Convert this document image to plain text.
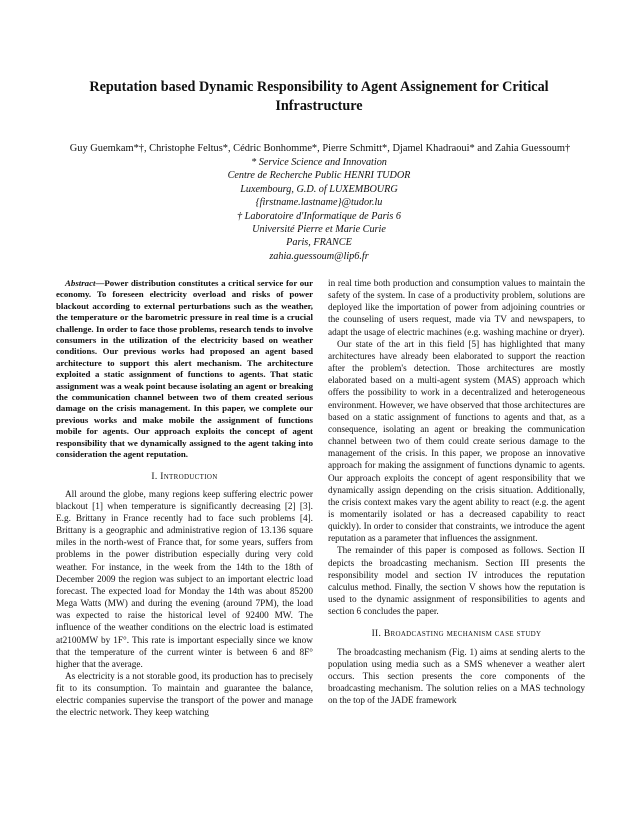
Reputation based Dynamic Responsibility to Agent Assignement for Critical Infrastructure
Guy Guemkam*†, Christophe Feltus*, Cédric Bonhomme*, Pierre Schmitt*, Djamel Khadraoui* and Zahia Guessoum†
* Service Science and Innovation
Centre de Recherche Public HENRI TUDOR
Luxembourg, G.D. of LUXEMBOURG
{firstname.lastname}@tudor.lu
† Laboratoire d'Informatique de Paris 6
Université Pierre et Marie Curie
Paris, FRANCE
zahia.guessoum@lip6.fr

Abstract—Power distribution constitutes a critical service for our economy. To foreseen electricity overload and risks of power blackout according to external perturbations such as the weather, the temperature or the barometric pressure in real time is a crucial challenge. In order to face those problems, research tends to involve consumers in the utilization of the electricity based on weather conditions. Our previous works had proposed an agent based architecture to support this alert mechanism. The architecture exploited a static assignment of functions to agents. That static assignment was a weak point because isolating an agent or breaking the communication channel between two of them created serious damage on the crisis management. In this paper, we complete our previous works and make mobile the assignment of functions mobile for agents. Our approach exploits the concept of agent responsibility that we dynamically assigned to the agent taking into consideration the agent reputation.

I. Introduction

All around the globe, many regions keep suffering electric power blackout [1] when temperature is significantly decreasing [2] [3]. E.g. Brittany in France recently had to face such problems [4]. Brittany is a geographic and administrative region of 13.136 square miles in the north-west of France that, for some years, suffers from problems in the power distribution especially during very cold weather. For instance, in the week from the 14th to the 18th of December 2009 the region was subject to an important electric load forecast. The expected load for Monday the 14th was about 85200 Mega Watts (MW) and during the evening (around 7PM), the load was expected to raise the historical level of 92400 MW. The influence of the weather conditions on the electric load is estimated at2100MW by 1F°. This rate is important especially since we know that the temperature of the current winter is between 6 and 8F° higher that the average.

As electricity is a not storable good, its production has to precisely fit to its consumption. To maintain and guarantee the balance, electric companies supervise the transport of the power and manage the electric network. They keep watching

in real time both production and consumption values to maintain the safety of the system. In case of a productivity problem, solutions are deployed like the importation of power from adjoining countries or the counseling of users request, made via TV and newspapers, to adapt the usage of electric machines (e.g. washing machine or dryer).

Our state of the art in this field [5] has highlighted that many architectures have already been elaborated to support the reaction after the problem's detection. Those architectures are mostly elaborated based on a multi-agent system (MAS) approach which offers the possibility to work in a decentralized and heterogeneous environment. However, we have observed that those architectures are based on a static assignment of functions to agents and that, as a consequence, isolating an agent or breaking the communication channel between two of them could create serious damage to the management of the crisis. In this paper, we propose an innovative approach for making the assignment of functions dynamic to agents. Our approach exploits the concept of agent responsibility that we dynamically assign depending on the crisis situation. Additionally, the crisis context makes vary the agent ability to react (e.g. the agent is momentarily isolated or has a decreased capability to react quickly). In order to consider that constraints, we introduce the agent reputation as a parameter that influences the assignment.

The remainder of this paper is composed as follows. Section II depicts the broadcasting mechanism. Section III presents the responsibility model and section IV introduces the reputation calculus method. Finally, the section V shows how the reputation is used to the dynamic assignment of responsibilities to agents and section 6 concludes the paper.

II. Broadcasting mechanism case study

The broadcasting mechanism (Fig. 1) aims at sending alerts to the population using media such as a SMS whenever a weather alert occurs. This section presents the core components of the broadcasting mechanism. The solution relies on a MAS technology on the top of the JADE framework
